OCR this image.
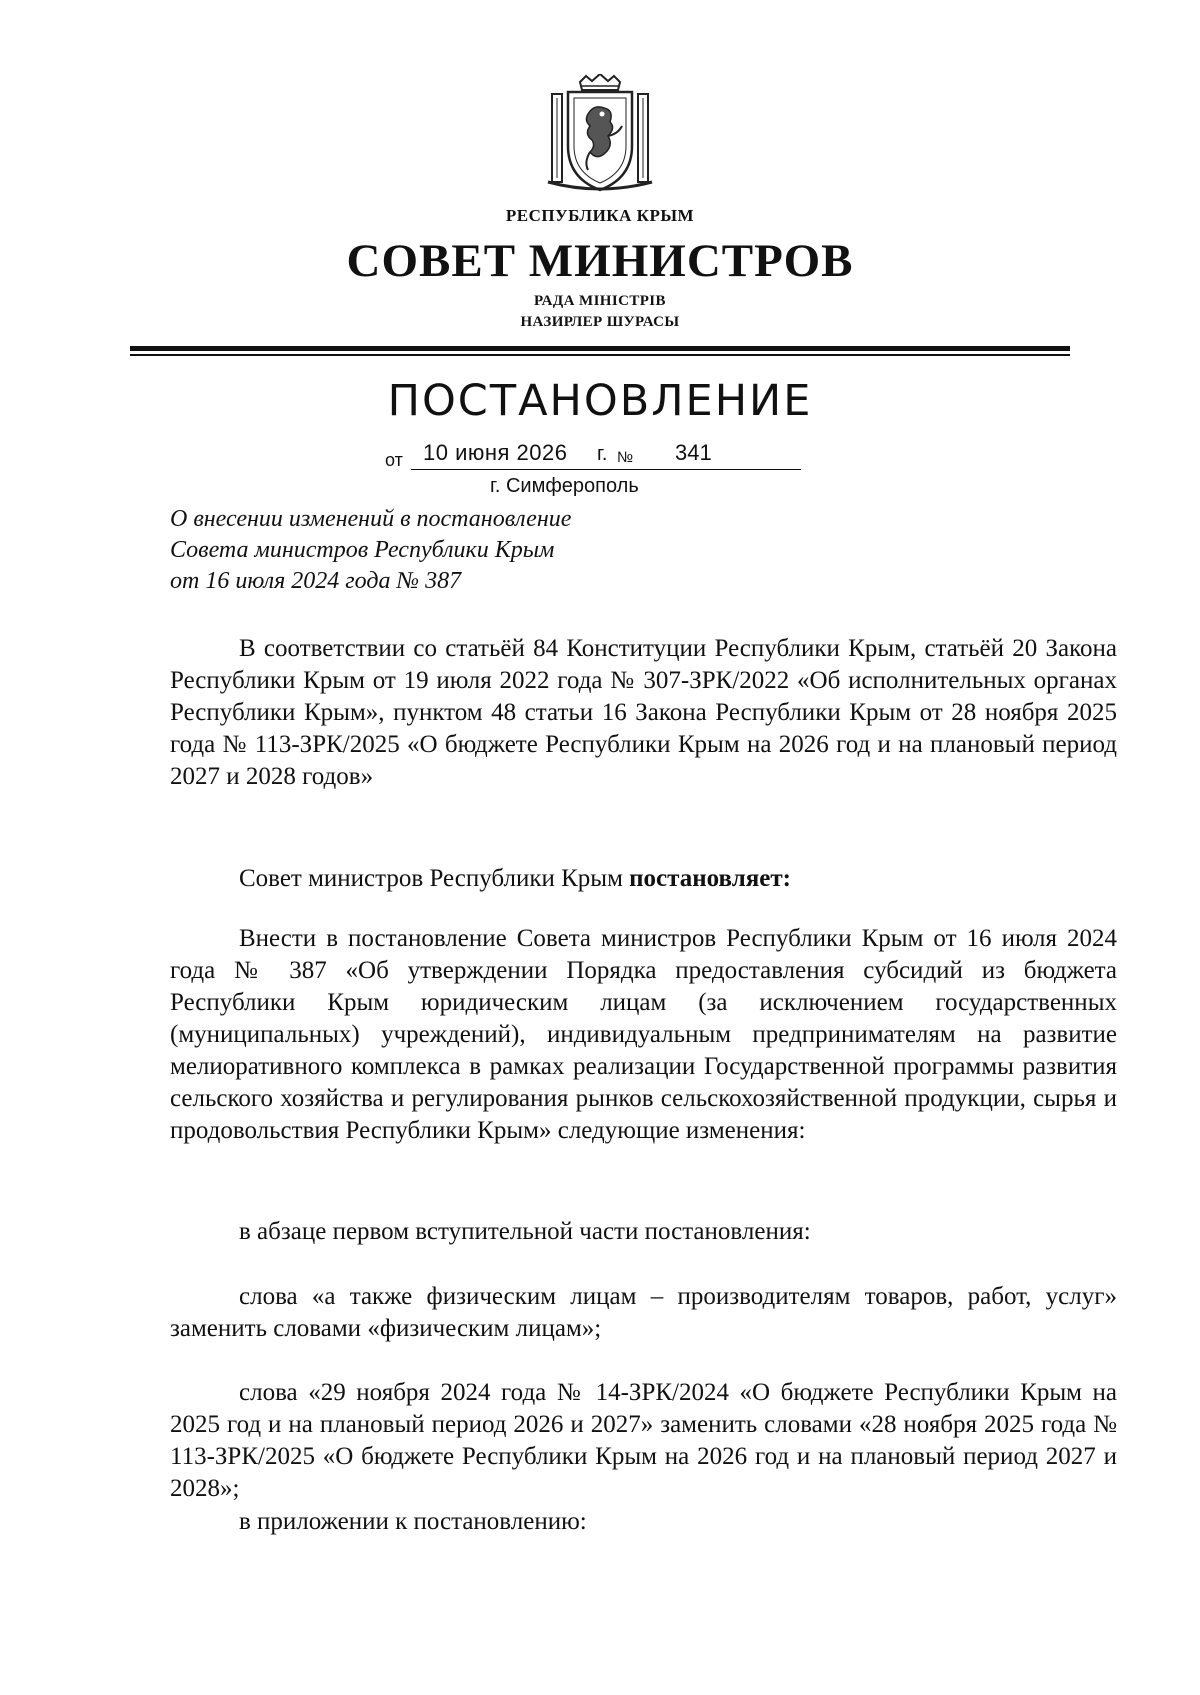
РЕСПУБЛИКА КРЫМ
СОВЕТ МИНИСТРОВ
РАДА МІНІСТРІВ
НАЗИРЛЕР ШУРАСЫ
ПОСТАНОВЛЕНИЕ
от 10 июня 2026	№
г.	341
г. Симферополь
О внесении изменений в постановление
Совета министров Республики Крым
от 16 июля 2024 года № 387
В соответствии со статьёй 84 Конституции Республики Крым, статьёй 20 Закона Республики Крым от 19 июля 2022 года № 307-ЗРК/2022 «Об исполнительных органах Республики Крым», пунктом 48 статьи 16 Закона Республики Крым от 28 ноября 2025 года № 113-ЗРК/2025 «О бюджете Республики Крым на 2026 год и на плановый период 2027 и 2028 годов»
Совет министров Республики Крым постановляет:
Внести в постановление Совета министров Республики Крым от 16 июля 2024 года № 387 «Об утверждении Порядка предоставления субсидий из бюджета Республики Крым юридическим лицам (за исключением государственных (муниципальных) учреждений), индивидуальным предпринимателям на развитие мелиоративного комплекса в рамках реализации Государственной программы развития сельского хозяйства и регулирования рынков сельскохозяйственной продукции, сырья и продовольствия Республики Крым» следующие изменения:
в абзаце первом вступительной части постановления:
слова «а также физическим лицам – производителям товаров, работ, услуг» заменить словами «физическим лицам»;
слова «29 ноября 2024 года № 14-ЗРК/2024 «О бюджете Республики Крым на 2025 год и на плановый период 2026 и 2027» заменить словами «28 ноября 2025 года № 113-ЗРК/2025 «О бюджете Республики Крым на 2026 год и на плановый период 2027 и 2028»;
в приложении к постановлению:
